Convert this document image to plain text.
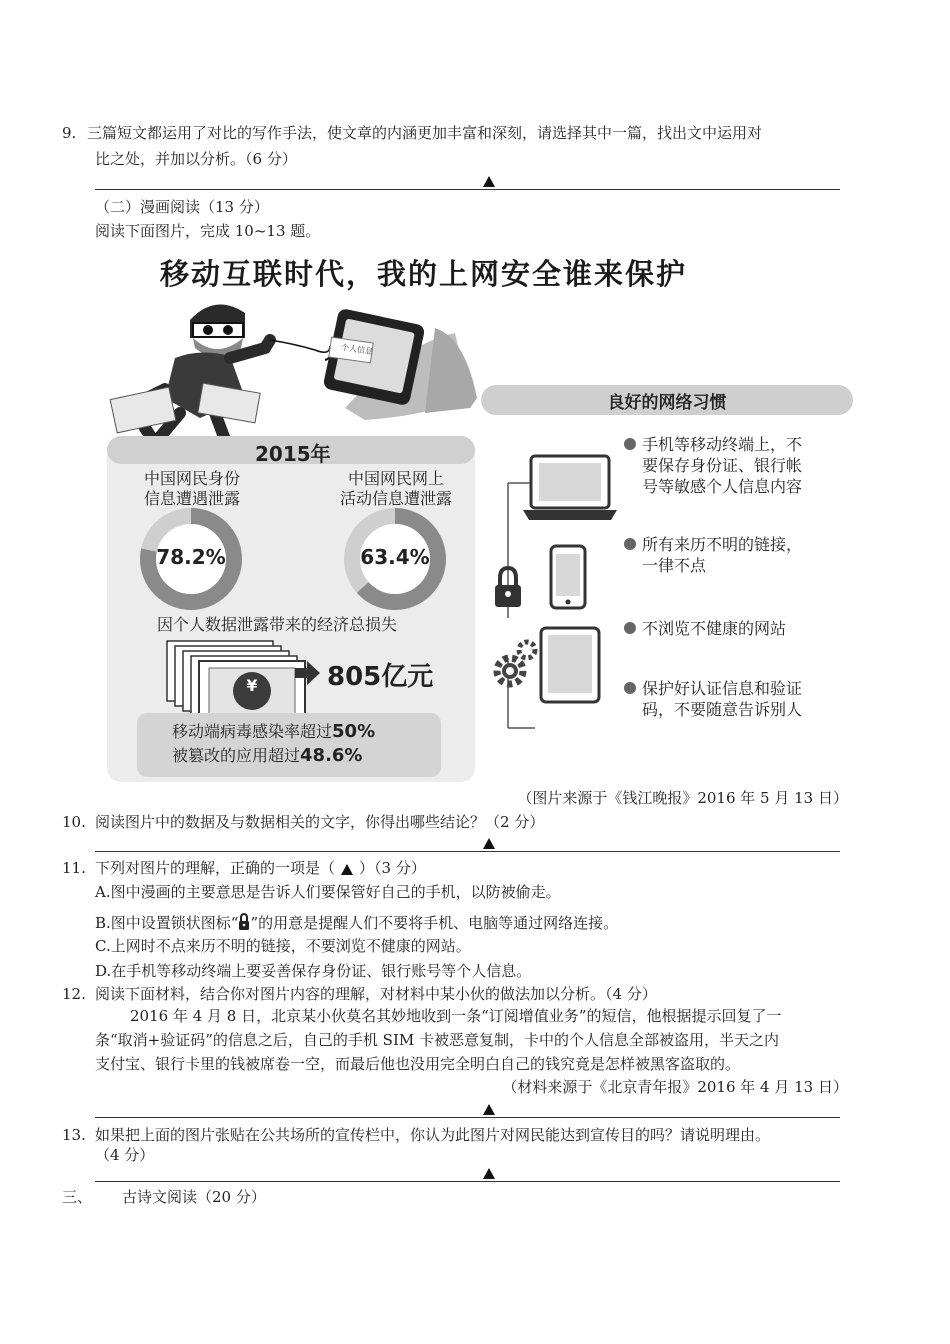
9. 三篇短文都运用了对比的写作手法，使文章的内涵更加丰富和深刻，请选择其中一篇，找出文中运用对
比之处，并加以分析。（6 分）
（二）漫画阅读（13 分）
阅读下面图片，完成 10~13 题。
移动互联时代，我的上网安全谁来保护
个人信息
2015年
中国网民身份
信息遭遇泄露
中国网民网上
活动信息遭泄露
78.2%	63.4%
因个人数据泄露带来的经济总损失
¥	805亿元
移动端病毒感染率超过50%
被篡改的应用超过48.6%
良好的网络习惯
手机等移动终端上，不
要保存身份证、银行帐
号等敏感个人信息内容
所有来历不明的链接，
一律不点
不浏览不健康的网站
保护好认证信息和验证
码，不要随意告诉别人
（图片来源于《钱江晚报》2016 年 5 月 13 日）
10. 阅读图片中的数据及与数据相关的文字，你得出哪些结论？（2 分）
11. 下列对图片的理解，正确的一项是（ ）（3 分）
A.图中漫画的主要意思是告诉人们要保管好自己的手机，以防被偷走。
B.图中设置锁状图标“ ”的用意是提醒人们不要将手机、电脑等通过网络连接。
C.上网时不点来历不明的链接，不要浏览不健康的网站。
D.在手机等移动终端上要妥善保存身份证、银行账号等个人信息。
12. 阅读下面材料，结合你对图片内容的理解，对材料中某小伙的做法加以分析。（4 分）
2016 年 4 月 8 日，北京某小伙莫名其妙地收到一条“订阅增值业务”的短信，他根据提示回复了一
条“取消+验证码”的信息之后，自己的手机 SIM 卡被恶意复制，卡中的个人信息全部被盗用，半天之内
支付宝、银行卡里的钱被席卷一空，而最后他也没用完全明白自己的钱究竟是怎样被黑客盗取的。
（材料来源于《北京青年报》2016 年 4 月 13 日）
13. 如果把上面的图片张贴在公共场所的宣传栏中，你认为此图片对网民能达到宣传目的吗？请说明理由。
（4 分）
三、 古诗文阅读（20 分）
